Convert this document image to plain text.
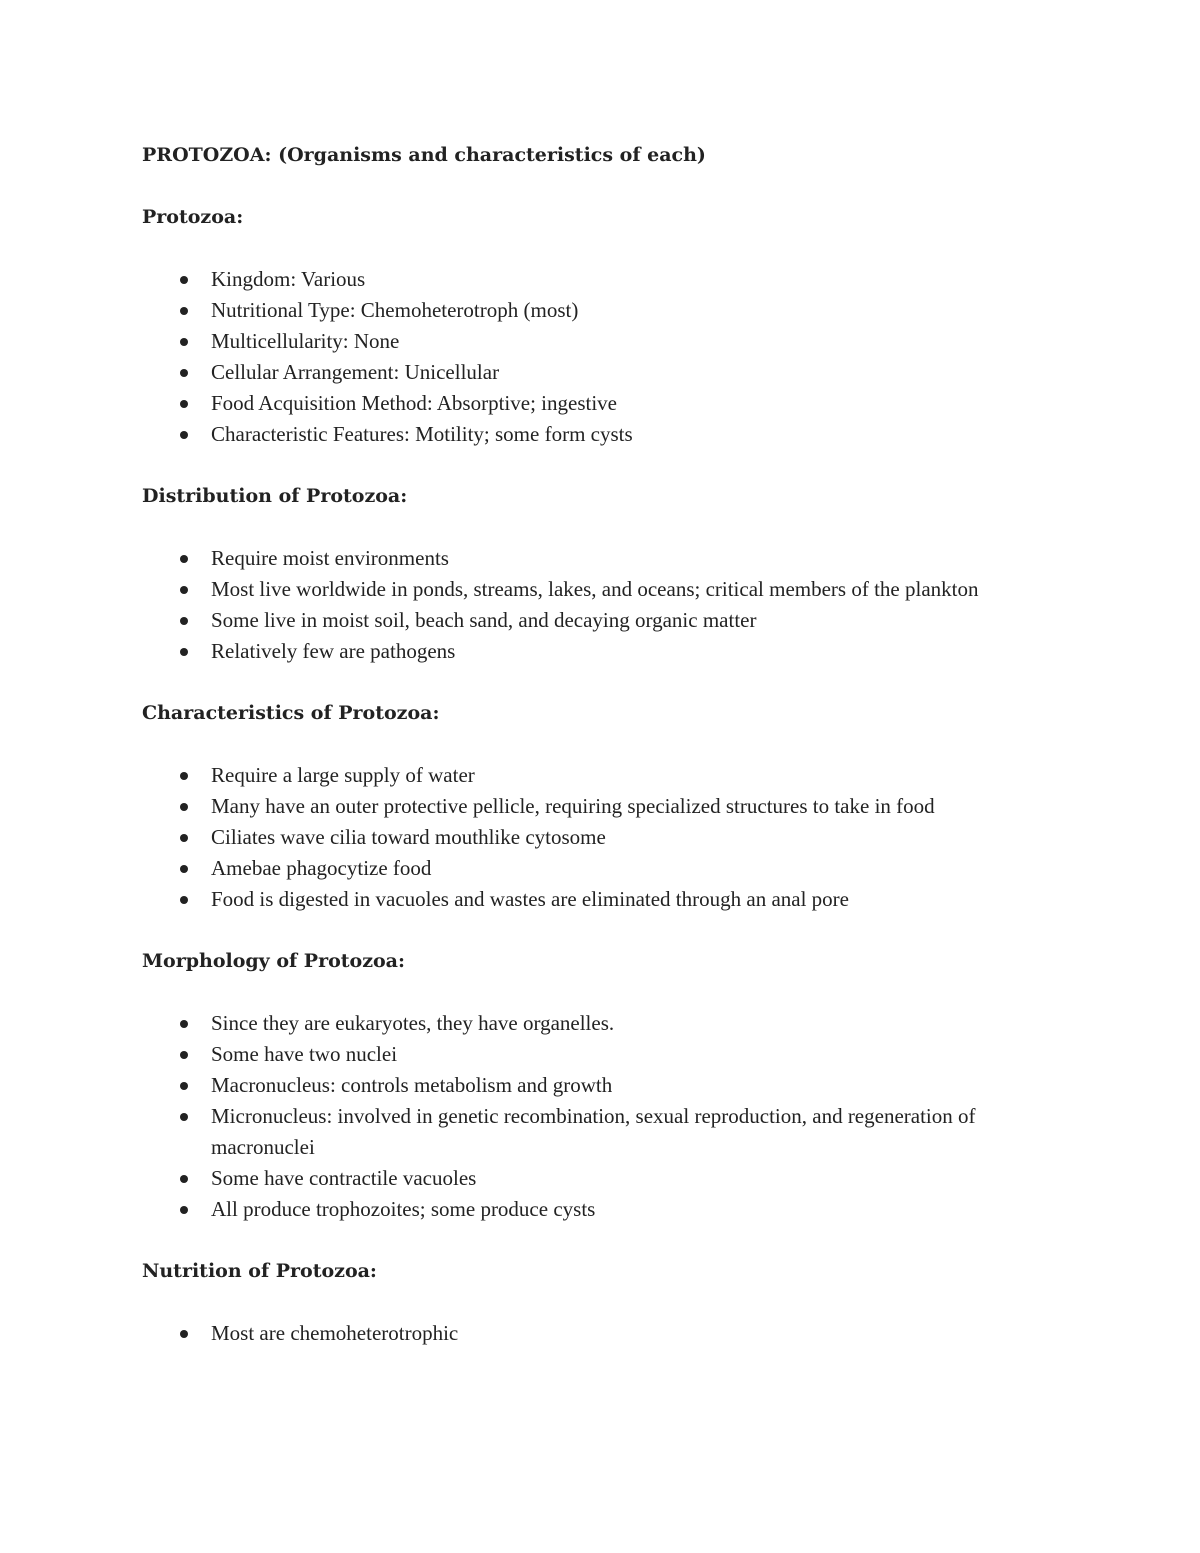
PROTOZOA: (Organisms and characteristics of each)
Protozoa:
Kingdom: Various
Nutritional Type: Chemoheterotroph (most)
Multicellularity: None
Cellular Arrangement: Unicellular
Food Acquisition Method: Absorptive; ingestive
Characteristic Features: Motility; some form cysts
Distribution of Protozoa:
Require moist environments
Most live worldwide in ponds, streams, lakes, and oceans; critical members of the plankton
Some live in moist soil, beach sand, and decaying organic matter
Relatively few are pathogens
Characteristics of Protozoa:
Require a large supply of water
Many have an outer protective pellicle, requiring specialized structures to take in food
Ciliates wave cilia toward mouthlike cytosome
Amebae phagocytize food
Food is digested in vacuoles and wastes are eliminated through an anal pore
Morphology of Protozoa:
Since they are eukaryotes, they have organelles.
Some have two nuclei
Macronucleus: controls metabolism and growth
Micronucleus: involved in genetic recombination, sexual reproduction, and regeneration of macronuclei
Some have contractile vacuoles
All produce trophozoites; some produce cysts
Nutrition of Protozoa:
Most are chemoheterotrophic
